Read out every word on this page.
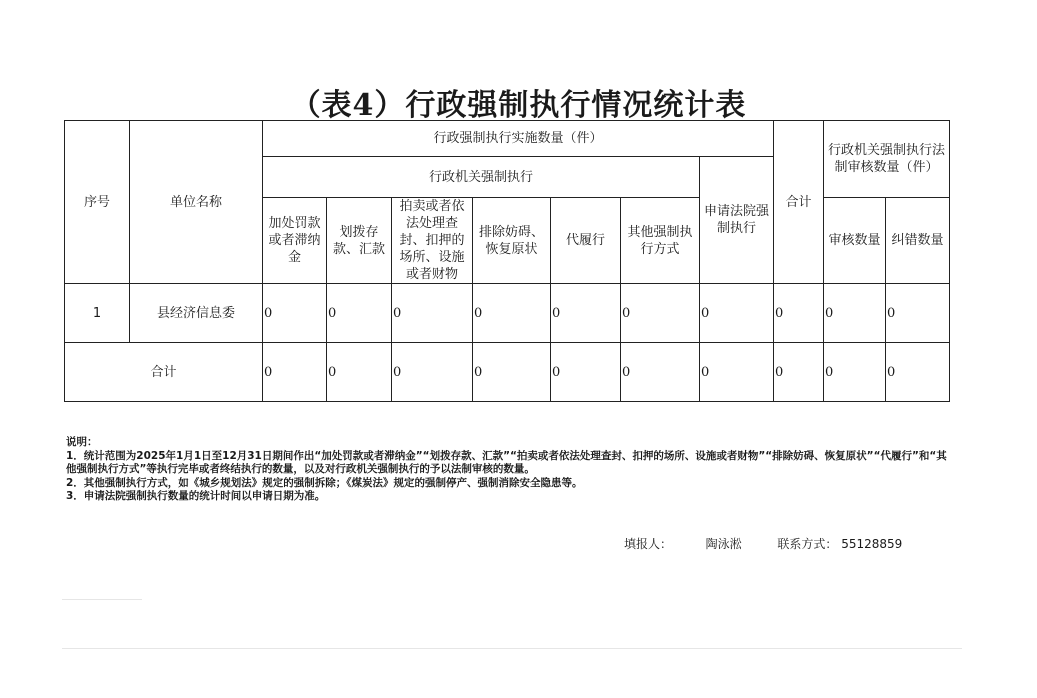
（表4）行政强制执行情况统计表
序号	单位名称	行政强制执行实施数量（件）							合计	行政机关强制执行法制审核数量（件）	
		行政机关强制执行						申请法院强制执行			
		加处罚款或者滞纳金	划拨存款、汇款	拍卖或者依法处理查封、扣押的场所、设施或者财物	排除妨碍、恢复原状	代履行	其他强制执行方式				
										审核数量	纠错数量
1	县经济信息委	0	0	0	0	0	0	0	0	0	0
合计		0	0	0	0	0	0	0	0	0	0
说明：
1．统计范围为2025年1月1日至12月31日期间作出“加处罚款或者滞纳金”“划拨存款、汇款”“拍卖或者依法处理查封、扣押的场所、设施或者财物”“排除妨碍、恢复原状”“代履行”和“其他强制执行方式”等执行完毕或者终结执行的数量，以及对行政机关强制执行的予以法制审核的数量。
2．其他强制执行方式，如《城乡规划法》规定的强制拆除；《煤炭法》规定的强制停产、强制消除安全隐患等。
3．申请法院强制执行数量的统计时间以申请日期为准。
填报人：	陶泳淞	联系方式： 55128859
